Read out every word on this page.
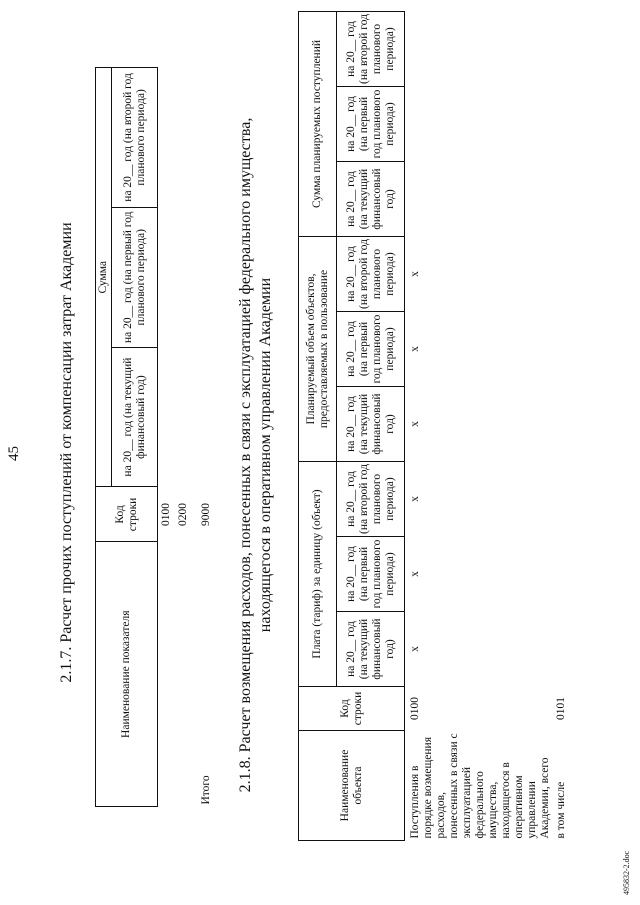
45 2.1.7. Расчет прочих поступлений от компенсации затрат Академии	Наименование показателя	Код строки	Сумма		
		на 20__ год (на текущий финансовый год)	на 20__ год (на первый год планового периода)	на 20__ год (на второй год планового периода)
	0100			
	0200			
Итого	9000			2.1.8. Расчет возмещения расходов, понесенных в связи с эксплуатацией федерального имущества, находящегося в оперативном управлении Академии
Наименование объекта	Код строки	Плата (тариф) за единицу (объект)			Планируемый объем объектов, предоставляемых в пользование			Сумма планируемых поступлений		
		на 20__ год (на текущий финансовый год)	на 20__ год (на первый год планового периода)	на 20__ год (на второй год планового периода)	на 20__ год (на текущий финансовый год)	на 20__ год (на первый год планового периода)	на 20__ год (на второй год планового периода)	на 20__ год (на текущий финансовый год)	на 20__ год (на первый год планового периода)	на 20__ год (на второй год планового периода)
Поступления в порядке возмещения расходов, понесенных в связи с эксплуатацией федерального имущества, находящегося в оперативном управлении Академии, всего	0100	x	x	x	x	x	x			
в том числе	0101									
495832-2.doc
